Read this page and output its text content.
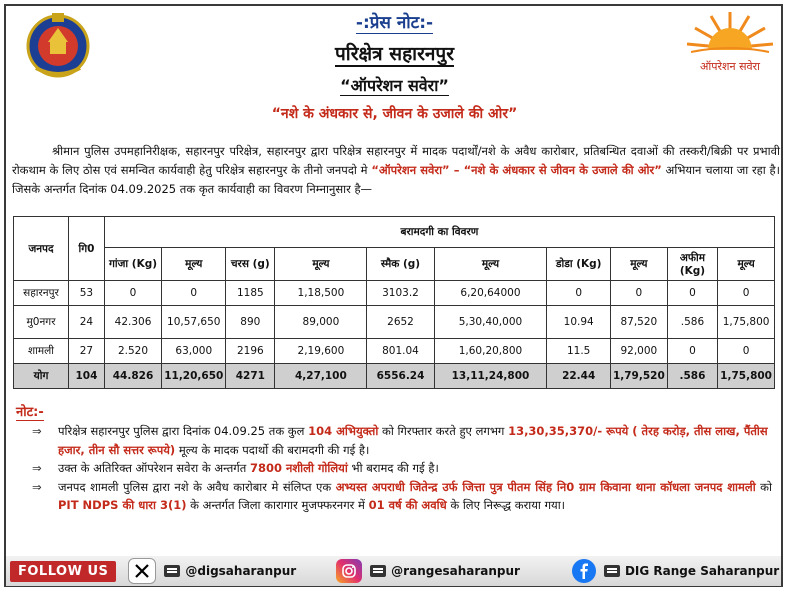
ऑपरेशन सवेरा
-:प्रेस नोट:-
परिक्षेत्र सहारनपुर
“ऑपरेशन सवेरा”
“नशे के अंधकार से, जीवन के उजाले की ओर”
श्रीमान पुलिस उपमहानिरीक्षक, सहारनपुर परिक्षेत्र, सहारनपुर द्वारा परिक्षेत्र सहारनपुर में मादक पदार्थों/नशे के अवैध कारोबार, प्रतिबन्धित दवाओं की तस्करी/बिक्री पर प्रभावी रोकथाम के लिए ठोस एवं समन्वित कार्यवाही हेतु परिक्षेत्र सहारनपुर के तीनो जनपदो मे “ऑपरेशन सवेरा” – “नशे के अंधकार से जीवन के उजाले की ओर” अभियान चलाया जा रहा है। जिसके अन्तर्गत दिनांक 04.09.2025 तक कृत कार्यवाही का विवरण निम्नानुसार है—
जनपद	गि0	बरामदगी का विवरण									
		गांजा (Kg)	मूल्य	चरस (g)	मूल्य	स्मैक (g)	मूल्य	डोडा (Kg)	मूल्य	अफीम (Kg)	मूल्य
सहारनपुर	53	0	0	1185	1,18,500	3103.2	6,20,64000	0	0	0	0
मु0नगर	24	42.306	10,57,650	890	89,000	2652	5,30,40,000	10.94	87,520	.586	1,75,800
शामली	27	2.520	63,000	2196	2,19,600	801.04	1,60,20,800	11.5	92,000	0	0
योग	104	44.826	11,20,650	4271	4,27,100	6556.24	13,11,24,800	22.44	1,79,520	.586	1,75,800
नोट:-
⇒ परिक्षेत्र सहारनपुर पुलिस द्वारा दिनांक 04.09.25 तक कुल 104 अभियुक्तो को गिरफ्तार करते हुए लगभग 13,30,35,370/- रूपये ( तेरह करोड़, तीस लाख, पैंतीस हजार, तीन सौ सत्तर रूपये) मूल्य के मादक पदार्थो की बरामदगी की गई है।
⇒ उक्त के अतिरिक्त ऑपरेशन सवेरा के अन्तर्गत 7800 नशीली गोलियां भी बरामद की गई है।
⇒ जनपद शामली पुलिस द्वारा नशे के अवैध कारोबार मे संलिप्त एक अभ्यस्त अपराधी जितेन्द्र उर्फ जित्ता पुत्र पीतम सिंह नि0 ग्राम किवाना थाना कॉधला जनपद शामली को PIT NDPS की धारा 3(1) के अन्तर्गत जिला कारागार मुजफ्फरनगर में 01 वर्ष की अवधि के लिए निरूद्ध कराया गया।
FOLLOW US	@digsaharanpur	@rangesaharanpur	DIG Range Saharanpur
